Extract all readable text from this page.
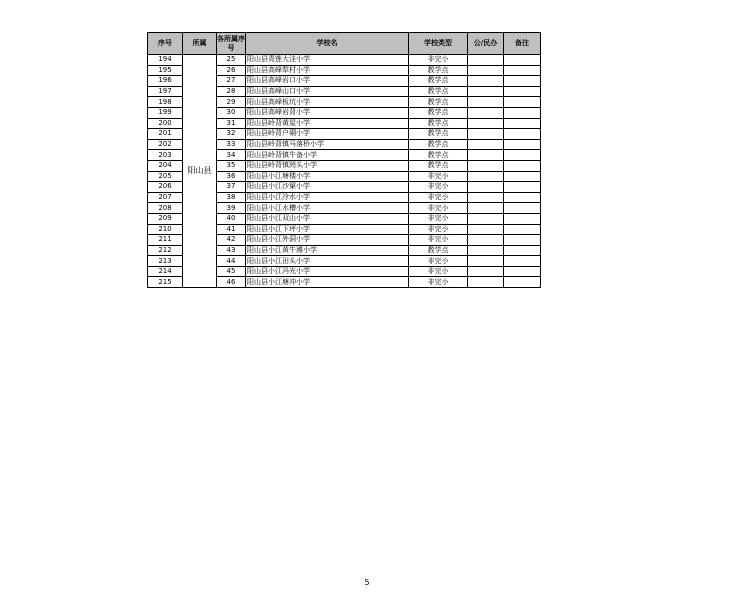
序号	所属	各所属序号	学校名	学校类型	公/民办	备注
194	阳山县	25	阳山县青莲大洼小学	非完小		
195		26	阳山县高峰犁村小学	教学点		
196		27	阳山县高峰岩口小学	教学点		
197		28	阳山县高峰山口小学	教学点		
198		29	阳山县高峰板坑小学	教学点		
199		30	阳山县高峰岩背小学	教学点		
200		31	阳山县岭背黄屋小学	教学点		
201		32	阳山县岭背户硐小学	教学点		
202		33	阳山县岭背镇马落桥小学	教学点		
203		34	阳山县岭背镇牛备小学	教学点		
204		35	阳山县岭背镇罔头小学	教学点		
205		36	阳山县小江塘楼小学	非完小		
206		37	阳山县小江沙窠小学	非完小		
207		38	阳山县小江冷水小学	非完小		
208		39	阳山县小江水槽小学	非完小		
209		40	阳山县小江双山小学	非完小		
210		41	阳山县小江下坪小学	非完小		
211		42	阳山县小江外洞小学	非完小		
212		43	阳山县小江黄牛滩小学	教学点		
213		44	阳山县小江田头小学	非完小		
214		45	阳山县小江冯光小学	非完小		
215		46	阳山县小江塘冲小学	非完小		
5
